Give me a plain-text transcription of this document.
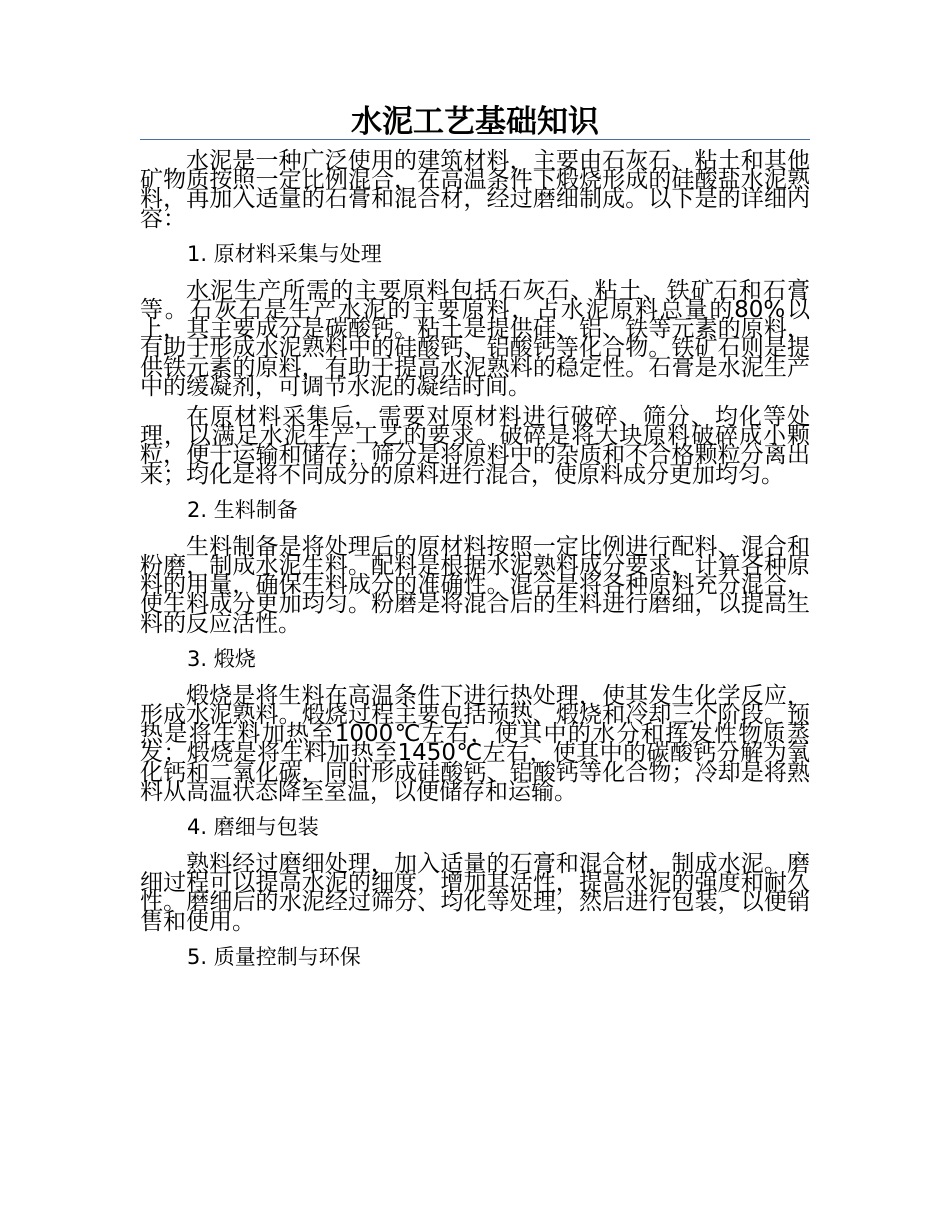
水泥工艺基础知识

水泥是一种广泛使用的建筑材料，主要由石灰石、粘土和其他矿物质按照一定比例混合，在高温条件下煅烧形成的硅酸盐水泥熟料，再加入适量的石膏和混合材，经过磨细制成。以下是的详细内容：

1. 原材料采集与处理

水泥生产所需的主要原料包括石灰石、粘土、铁矿石和石膏等。石灰石是生产水泥的主要原料，占水泥原料总量的80%以上，其主要成分是碳酸钙。粘土是提供硅、铝、铁等元素的原料，有助于形成水泥熟料中的硅酸钙、铝酸钙等化合物。铁矿石则是提供铁元素的原料，有助于提高水泥熟料的稳定性。石膏是水泥生产中的缓凝剂，可调节水泥的凝结时间。

在原材料采集后，需要对原材料进行破碎、筛分、均化等处理，以满足水泥生产工艺的要求。破碎是将大块原料破碎成小颗粒，便于运输和储存；筛分是将原料中的杂质和不合格颗粒分离出来；均化是将不同成分的原料进行混合，使原料成分更加均匀。

2. 生料制备

生料制备是将处理后的原材料按照一定比例进行配料、混合和粉磨，制成水泥生料。配料是根据水泥熟料成分要求，计算各种原料的用量，确保生料成分的准确性。混合是将各种原料充分混合，使生料成分更加均匀。粉磨是将混合后的生料进行磨细，以提高生料的反应活性。

3. 煅烧

煅烧是将生料在高温条件下进行热处理，使其发生化学反应，形成水泥熟料。煅烧过程主要包括预热、煅烧和冷却三个阶段。预热是将生料加热至1000℃左右，使其中的水分和挥发性物质蒸发；煅烧是将生料加热至1450℃左右，使其中的碳酸钙分解为氧化钙和二氧化碳，同时形成硅酸钙、铝酸钙等化合物；冷却是将熟料从高温状态降至室温，以便储存和运输。

4. 磨细与包装

熟料经过磨细处理，加入适量的石膏和混合材，制成水泥。磨细过程可以提高水泥的细度，增加其活性，提高水泥的强度和耐久性。磨细后的水泥经过筛分、均化等处理，然后进行包装，以便销售和使用。

5. 质量控制与环保
